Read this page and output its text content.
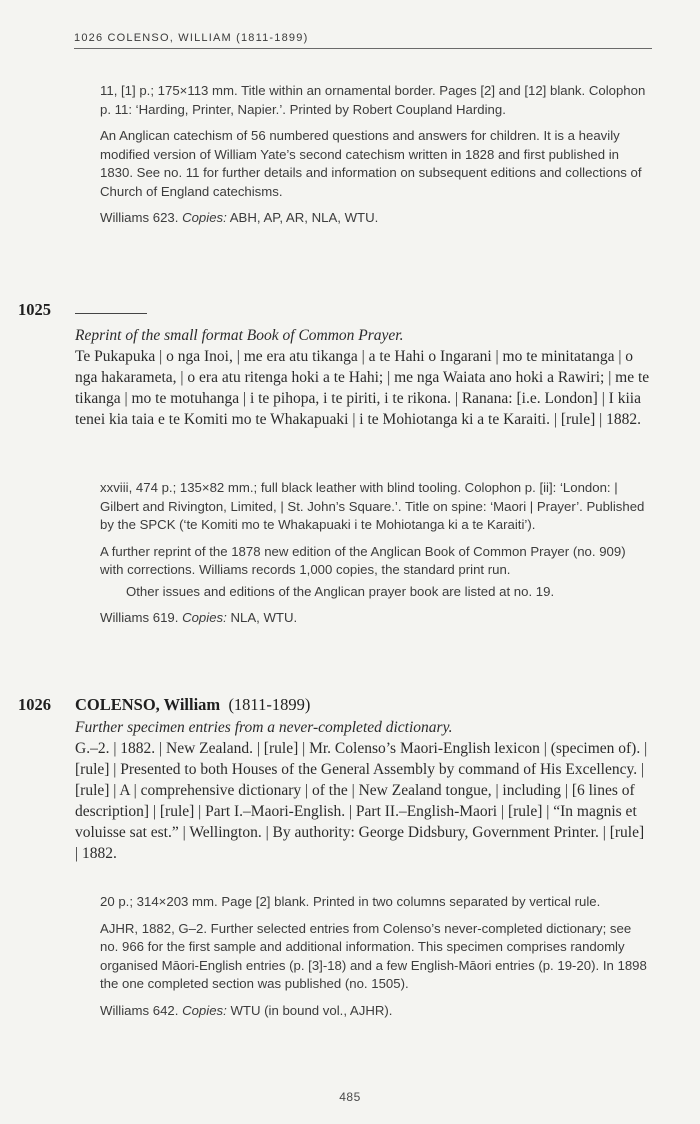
1026 COLENSO, WILLIAM (1811-1899)

11, [1] p.; 175×113 mm. Title within an ornamental border. Pages [2] and [12] blank. Colophon p. 11: ‘Harding, Printer, Napier.’. Printed by Robert Coupland Harding.

An Anglican catechism of 56 numbered questions and answers for children. It is a heavily modified version of William Yate’s second catechism written in 1828 and first published in 1830. See no. 11 for further details and information on subsequent editions and collections of Church of England catechisms.

Williams 623. Copies: ABH, AP, AR, NLA, WTU.

1025
Reprint of the small format Book of Common Prayer.
Te Pukapuka | o nga Inoi, | me era atu tikanga | a te Hahi o Ingarani | mo te minitatanga | o nga hakarameta, | o era atu ritenga hoki a te Hahi; | me nga Waiata ano hoki a Rawiri; | me te tikanga | mo te motuhanga | i te pihopa, i te piriti, i te rikona. | Ranana: [i.e. London] | I kiia tenei kia taia e te Komiti mo te Whakapuaki | i te Mohiotanga ki a te Karaiti. | [rule] | 1882.

xxviii, 474 p.; 135×82 mm.; full black leather with blind tooling. Colophon p. [ii]: ‘London: | Gilbert and Rivington, Limited, | St. John’s Square.’. Title on spine: ‘Maori | Prayer’. Published by the SPCK (‘te Komiti mo te Whakapuaki i te Mohiotanga ki a te Karaiti’).

A further reprint of the 1878 new edition of the Anglican Book of Common Prayer (no. 909) with corrections. Williams records 1,000 copies, the standard print run.

Other issues and editions of the Anglican prayer book are listed at no. 19.

Williams 619. Copies: NLA, WTU.

1026 COLENSO, William (1811-1899)
Further specimen entries from a never-completed dictionary.
G.–2. | 1882. | New Zealand. | [rule] | Mr. Colenso’s Maori-English lexicon | (specimen of). | [rule] | Presented to both Houses of the General Assembly by command of His Excellency. | [rule] | A | comprehensive dictionary | of the | New Zealand tongue, | including | [6 lines of description] | [rule] | Part I.–Maori-English. | Part II.–English-Maori | [rule] | “In magnis et voluisse sat est.” | Wellington. | By authority: George Didsbury, Government Printer. | [rule] | 1882.

20 p.; 314×203 mm. Page [2] blank. Printed in two columns separated by vertical rule.

AJHR, 1882, G–2. Further selected entries from Colenso’s never-completed dictionary; see no. 966 for the first sample and additional information. This specimen comprises randomly organised Māori-English entries (p. [3]-18) and a few English-Māori entries (p. 19-20). In 1898 the one completed section was published (no. 1505).

Williams 642. Copies: WTU (in bound vol., AJHR).

485
